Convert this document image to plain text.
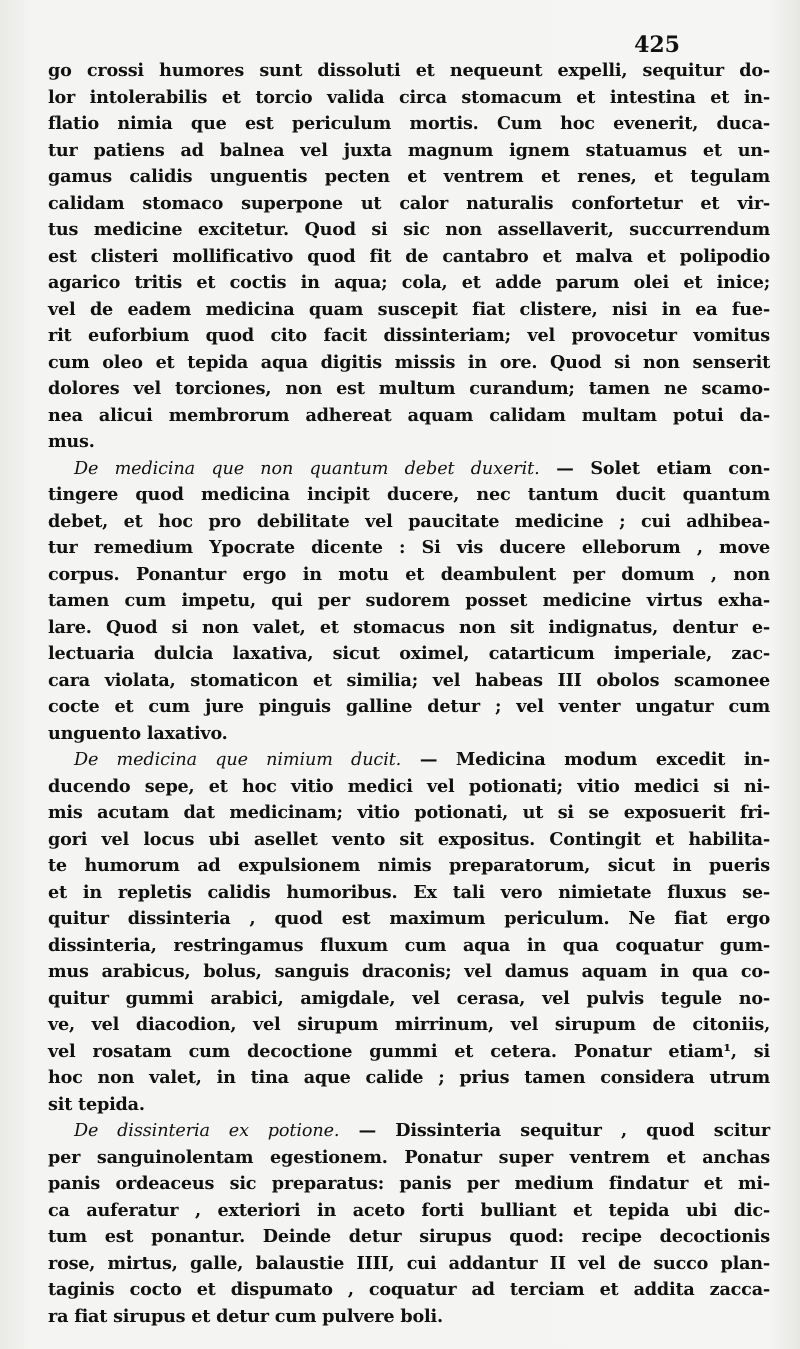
425
go crossi humores sunt dissoluti et nequeunt expelli, sequitur do-
lor intolerabilis et torcio valida circa stomacum et intestina et in-
flatio nimia que est periculum mortis. Cum hoc evenerit, duca-
tur patiens ad balnea vel juxta magnum ignem statuamus et un-
gamus calidis unguentis pecten et ventrem et renes, et tegulam
calidam stomaco superpone ut calor naturalis confortetur et vir-
tus medicine excitetur. Quod si sic non assellaverit, succurrendum
est clisteri mollificativo quod fit de cantabro et malva et polipodio
agarico tritis et coctis in aqua; cola, et adde parum olei et inice;
vel de eadem medicina quam suscepit fiat clistere, nisi in ea fue-
rit euforbium quod cito facit dissinteriam; vel provocetur vomitus
cum oleo et tepida aqua digitis missis in ore. Quod si non senserit
dolores vel torciones, non est multum curandum; tamen ne scamo-
nea alicui membrorum adhereat aquam calidam multam potui da-
mus.
De medicina que non quantum debet duxerit. — Solet etiam con-
tingere quod medicina incipit ducere, nec tantum ducit quantum
debet, et hoc pro debilitate vel paucitate medicine ; cui adhibea-
tur remedium Ypocrate dicente : Si vis ducere elleborum , move
corpus. Ponantur ergo in motu et deambulent per domum , non
tamen cum impetu, qui per sudorem posset medicine virtus exha-
lare. Quod si non valet, et stomacus non sit indignatus, dentur e-
lectuaria dulcia laxativa, sicut oximel, catarticum imperiale, zac-
cara violata, stomaticon et similia; vel habeas III obolos scamonee
cocte et cum jure pinguis galline detur ; vel venter ungatur cum
unguento laxativo.
De medicina que nimium ducit. — Medicina modum excedit in-
ducendo sepe, et hoc vitio medici vel potionati; vitio medici si ni-
mis acutam dat medicinam; vitio potionati, ut si se exposuerit fri-
gori vel locus ubi asellet vento sit expositus. Contingit et habilita-
te humorum ad expulsionem nimis preparatorum, sicut in pueris
et in repletis calidis humoribus. Ex tali vero nimietate fluxus se-
quitur dissinteria , quod est maximum periculum. Ne fiat ergo
dissinteria, restringamus fluxum cum aqua in qua coquatur gum-
mus arabicus, bolus, sanguis draconis; vel damus aquam in qua co-
quitur gummi arabici, amigdale, vel cerasa, vel pulvis tegule no-
ve, vel diacodion, vel sirupum mirrinum, vel sirupum de citoniis,
vel rosatam cum decoctione gummi et cetera. Ponatur etiam¹, si
hoc non valet, in tina aque calide ; prius tamen considera utrum
sit tepida.
De dissinteria ex potione. — Dissinteria sequitur , quod scitur
per sanguinolentam egestionem. Ponatur super ventrem et anchas
panis ordeaceus sic preparatus: panis per medium findatur et mi-
ca auferatur , exteriori in aceto forti bulliant et tepida ubi dic-
tum est ponantur. Deinde detur sirupus quod: recipe decoctionis
rose, mirtus, galle, balaustie IIII, cui addantur II vel de succo plan-
taginis cocto et dispumato , coquatur ad terciam et addita zacca-
ra fiat sirupus et detur cum pulvere boli.
